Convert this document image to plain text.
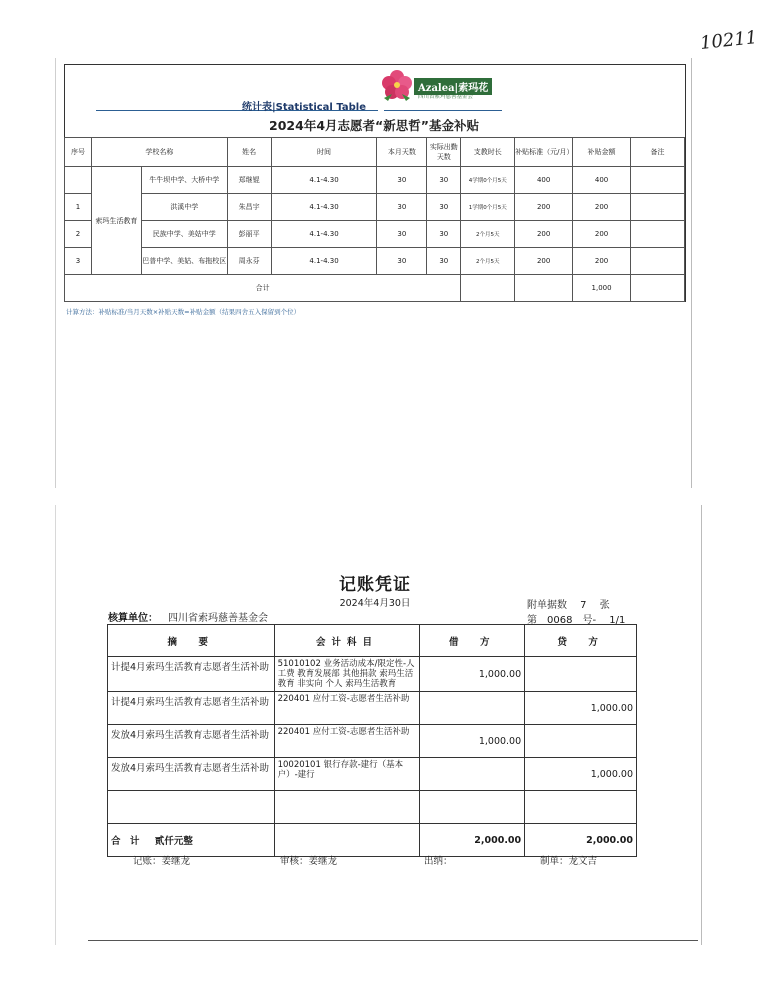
10211
Azalea|索玛花
四川省索玛慈善基金会
统计表|Statistical Table
2024年4月志愿者“新思哲”基金补贴
序号	学校名称		姓名	时间	本月天数	实际出勤天数	支教时长	补贴标准（元/月）	补贴金额	备注
	索玛生活教育	牛牛坝中学、大桥中学	郑继锟	4.1-4.30	30	30	4学期0个月5天	400	400	
1		洪溪中学	朱昌宇	4.1-4.30	30	30	1学期0个月5天	200	200	
2		民族中学、美姑中学	彭丽平	4.1-4.30	30	30	2个月5天	200	200	
3		巴普中学、美姑、布拖校区	周永芬	4.1-4.30	30	30	2个月5天	200	200	
合计									1,000	
计算方法：补贴标准/当月天数×补贴天数=补贴金额（结果四舍五入保留到个位）
记账凭证
2024年4月30日
核算单位： 四川省索玛慈善基金会
附单据数　 7　 张
第　0068　号-　 1/1
摘　要	会计科目	借　方	贷　方
计提4月索玛生活教育志愿者生活补助	51010102 业务活动成本/限定性-人工费 教育发展部 其他捐款 索玛生活教育 非实向 个人 索玛生活教育	1,000.00	
计提4月索玛生活教育志愿者生活补助	220401 应付工资-志愿者生活补助		1,000.00
发放4月索玛生活教育志愿者生活补助	220401 应付工资-志愿者生活补助	1,000.00	
发放4月索玛生活教育志愿者生活补助	10020101 银行存款-建行（基本户）-建行		1,000.00

合　计 贰仟元整		2,000.00	2,000.00
记账：姜继龙	审核：姜继龙	出纳：	制单：龙文吉
